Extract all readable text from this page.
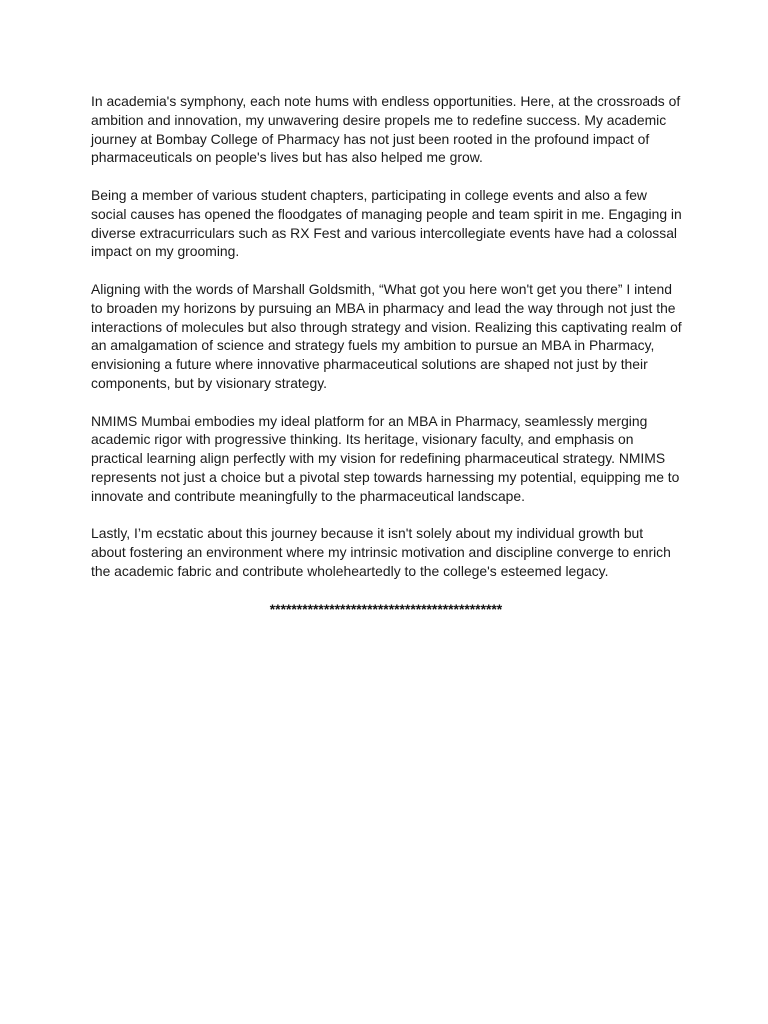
In academia's symphony, each note hums with endless opportunities. Here, at the crossroads of ambition and innovation, my unwavering desire propels me to redefine success. My academic journey at Bombay College of Pharmacy has not just been rooted in the profound impact of pharmaceuticals on people's lives but has also helped me grow.

Being a member of various student chapters, participating in college events and also a few social causes has opened the floodgates of managing people and team spirit in me. Engaging in diverse extracurriculars such as RX Fest and various intercollegiate events have had a colossal impact on my grooming.

Aligning with the words of Marshall Goldsmith, “What got you here won't get you there” I intend to broaden my horizons by pursuing an MBA in pharmacy and lead the way through not just the interactions of molecules but also through strategy and vision. Realizing this captivating realm of an amalgamation of science and strategy fuels my ambition to pursue an MBA in Pharmacy, envisioning a future where innovative pharmaceutical solutions are shaped not just by their components, but by visionary strategy.

NMIMS Mumbai embodies my ideal platform for an MBA in Pharmacy, seamlessly merging academic rigor with progressive thinking. Its heritage, visionary faculty, and emphasis on practical learning align perfectly with my vision for redefining pharmaceutical strategy. NMIMS represents not just a choice but a pivotal step towards harnessing my potential, equipping me to innovate and contribute meaningfully to the pharmaceutical landscape.

Lastly, I’m ecstatic about this journey because it isn't solely about my individual growth but about fostering an environment where my intrinsic motivation and discipline converge to enrich the academic fabric and contribute wholeheartedly to the college's esteemed legacy.

*******************************************
